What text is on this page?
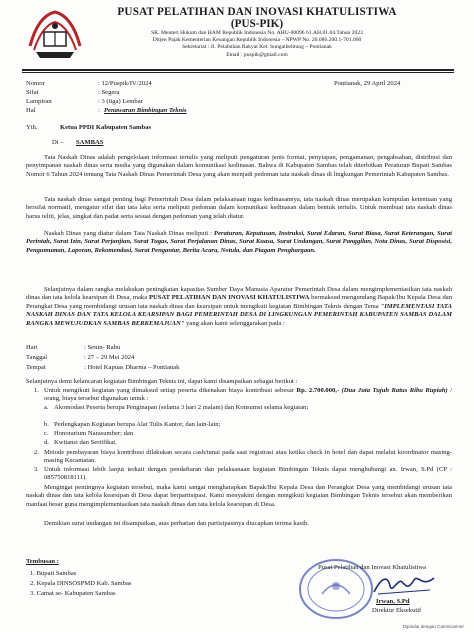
PUSAT PELATIHAN DAN INOVASI KHATULISTIWA
(PUS-PIK)
SK. Menteri Hukum dan HAM Republik Indonesia No. AHU-00096 61.AH.01.04.Tahun 2023
Ditjen Pajak Kementerian Keuangan Republik Indonesia – NPWP No. 20.086.200.1-701.000
Sekretariat : Jl. Pelabuhan Rakyat Kel. Sungaibelitung – Pontianak
Email : puspik@gmail.com
Nomor	: 12/Puspik/IV/2024	Pontianak, 29 April 2024
Sifat	: Segera
Lampiran	: 3 (tiga) Lembar
Hal	: Penawaran Bimbingan Teknis
Yth.	Ketua PPDI Kabupaten Sambas
Di – SAMBAS
Tata Naskah Dinas adalah pengelolaan informasi tertulis yang meliputi pengaturan jenis format, penyiapan, pengamanan, pengabsahan, distribusi dan penyimpanan naskah dinas serta media yang digunakan dalam komunikasi kedinasan. Bahwa di Kabupaten Sambas telah diterbitkan Peraturan Bupati Sambas Nomor 6 Tahun 2024 tentang Tata Naskah Dinas Pemerintah Desa yang akan menjadi pedoman tata naskah dinas di lingkungan Pemerintah Kabupaten Sambas.
Tata naskah dinas sangat penting bagi Pemerintah Desa dalam pelaksanaan tugas kedinasannya, tata naskah dinas merupakan kumpulan ketentuan yang bersifat normatif, mengatur sifat dan tata laku serta meliputi pedoman dalam komunikasi kedinasan dalam bentuk tertulis. Untuk membuat tata naskah dinas harus teliti, jelas, singkat dan padat serta sesuai dengan pedoman yang telah diatur.
Naskah Dinas yang diatur dalam Tata Naskah Dinas meliputi : Peraturan, Keputusan, Instruksi, Surat Edaran, Surat Biasa, Surat Keterangan, Surat Perintah, Surat Izin, Surat Perjanjian, Surat Tugas, Surat Perjalanan Dinas, Surat Kuasa, Surat Undangan, Surat Panggilan, Nota Dinas, Surat Disposisi, Pengumuman, Laporan, Rekomendasi, Surat Pengantar, Berita Acara, Notula, dan Piagam Penghargaan.
Selanjutnya dalam rangka melakukan peningkatan kapasitas Sumber Daya Manusia Aparatur Pemerintah Desa dalam mengimplementasikan tata naskah dinas dan tata kelola kearsipan di Desa, maka PUSAT PELATIHAN DAN INOVASI KHATULISTIWA bermaksud mengundang Bapak/Ibu Kepala Desa dan Perangkat Desa yang membidangi urusan tata naskah dinas dan kearsipan untuk mengikuti kegiatan Bimbingan Teknis dengan Tema "IMPLEMENTASI TATA NASKAH DINAS DAN TATA KELOLA KEARSIPAN BAGI PEMERINTAH DESA DI LINGKUNGAN PEMERINTAH KABUPATEN SAMBAS DALAM RANGKA MEWUJUDKAN SAMBAS BERKEMAJUAN" yang akan kami selenggarakan pada :
Hari	: Senin- Rabu
Tanggal	: 27 – 29 Mei 2024
Tempat	: Hotel Kapuas Dharma – Pontianak
Selanjutnya demi kelancaran kegiatan Bimbingan Teknis ini, dapat kami disampaikan sebagai berikut :
1. Untuk mengikuti kegiatan yang dimaksud setiap peserta dikenakan biaya kontribusi sebesar Rp. 2.700.000,- (Dua Juta Tujuh Ratus Ribu Rupiah) / orang, biaya tersebut digunakan untuk :
a. Akomodasi Peserta berupa Penginapan (selama 3 hari 2 malam) dan Konsumsi selama kegiatan;
b. Perlengkapan Kegiatan berupa Alat Tulis Kantor, dan lain-lain;
c. Honorarium Narasumber; dan
d. Kwitansi dan Sertifikat.
2. Metode pembayaran biaya kontribusi dilakukan secara cash/tunai pada saat registrasi atau ketika check in hotel dan dapat melalui koordinator masing-masing Kecamatan.
3. Untuk informasi lebih lanjut terkait dengan pendaftaran dan pelaksanaan kegiatan Bimbingan Teknis dapat menghubungi an. Irwan, S.Pd (CP : 085750818111).
Mengingat pentingnya kegiatan tersebut, maka kami sangat mengharapkan Bapak/Ibu Kepala Desa dan Perangkat Desa yang membidangi urusan tata naskah dinas dan tata kelola kearsipan di Desa dapat berpartisipasi. Kami menyakini dengan mengikuti kegiatan Bimbingan Teknis tersebut akan memberikan manfaat besar guna mengimplementasikan tata naskah dinas dan tata kelola kearsipan di Desa.
Demikian surat undangan ini disampaikan, atas perhatian dan partisipasinya diucapkan terima kasih.
Tembusan :
1. Bupati Sambas
2. Kepala DINSOSPMD Kab. Sambas
3. Camat se- Kabupaten Sambas
Pusat Pelatihan dan Inovasi Khatulistiwa
Irwan, S.Pd
Direktur Eksekutif
Dipindai dengan CamScanner
